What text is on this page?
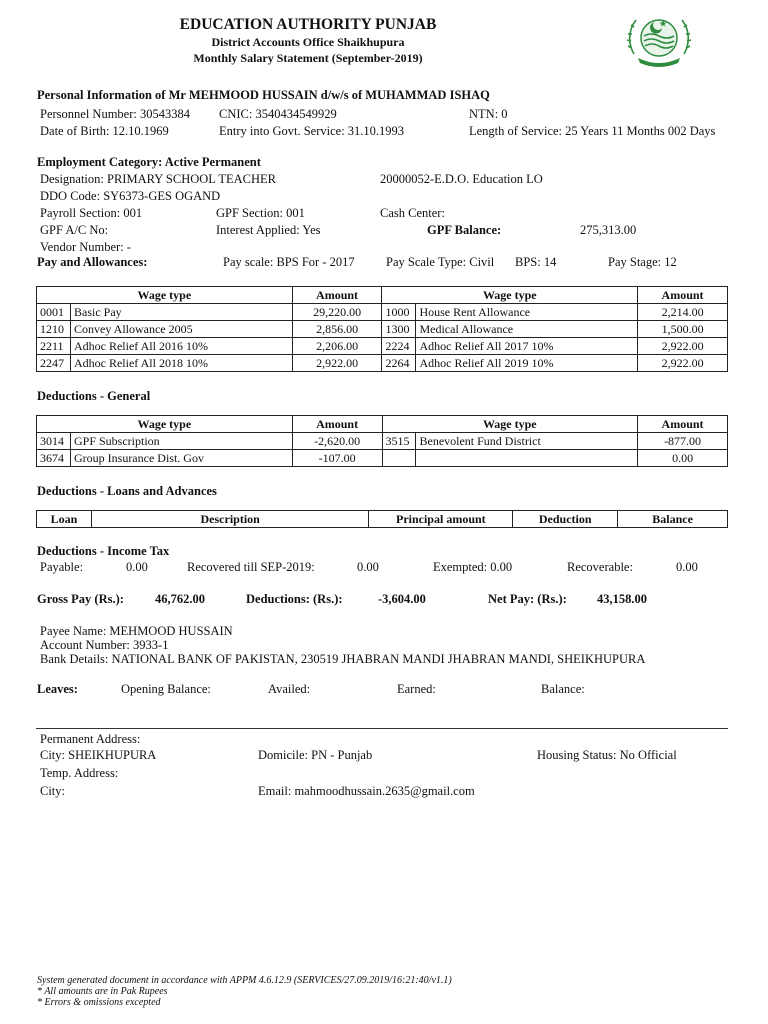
EDUCATION AUTHORITY PUNJAB
District Accounts Office Shaikhupura
Monthly Salary Statement (September-2019)
Personal Information of Mr MEHMOOD HUSSAIN d/w/s of MUHAMMAD ISHAQ
Personnel Number: 30543384 CNIC: 3540434549929	NTN: 0
Date of Birth: 12.10.1969	Entry into Govt. Service: 31.10.1993	Length of Service: 25 Years 11 Months 002 Days
Employment Category: Active Permanent
Designation: PRIMARY SCHOOL TEACHER	20000052-E.D.O. Education LO
DDO Code: SY6373-GES OGAND
Payroll Section: 001	GPF Section: 001	Cash Center:
GPF A/C No:	Interest Applied: Yes	GPF Balance:	275,313.00
Vendor Number: -
Pay and Allowances:	Pay scale: BPS For - 2017	Pay Scale Type: Civil BPS: 14	Pay Stage: 12
Wage type		Amount	Wage type		Amount
0001	Basic Pay	29,220.00	1000	House Rent Allowance	2,214.00
1210	Convey Allowance 2005	2,856.00	1300	Medical Allowance	1,500.00
2211	Adhoc Relief All 2016 10%	2,206.00	2224	Adhoc Relief All 2017 10%	2,922.00
2247	Adhoc Relief All 2018 10%	2,922.00	2264	Adhoc Relief All 2019 10%	2,922.00
Deductions - General
Wage type		Amount	Wage type		Amount
3014	GPF Subscription	-2,620.00	3515	Benevolent Fund District	-877.00
3674	Group Insurance Dist. Gov	-107.00			0.00
Deductions - Loans and Advances
Loan	Description	Principal amount	Deduction	Balance
Deductions - Income Tax
Payable:	0.00	Recovered till SEP-2019:	0.00	Exempted: 0.00	Recoverable:	0.00
Gross Pay (Rs.): 46,762.00	Deductions: (Rs.):	-3,604.00	Net Pay: (Rs.): 43,158.00
Payee Name: MEHMOOD HUSSAIN
Account Number: 3933-1
Bank Details: NATIONAL BANK OF PAKISTAN, 230519 JHABRAN MANDI JHABRAN MANDI, SHEIKHUPURA
Leaves:	Opening Balance:	Availed:	Earned:	Balance:
Permanent Address:
City: SHEIKHUPURA	Domicile: PN - Punjab	Housing Status: No Official
Temp. Address:
City:	Email: mahmoodhussain.2635@gmail.com
System generated document in accordance with APPM 4.6.12.9 (SERVICES/27.09.2019/16:21:40/v1.1)
* All amounts are in Pak Rupees
* Errors & omissions excepted
